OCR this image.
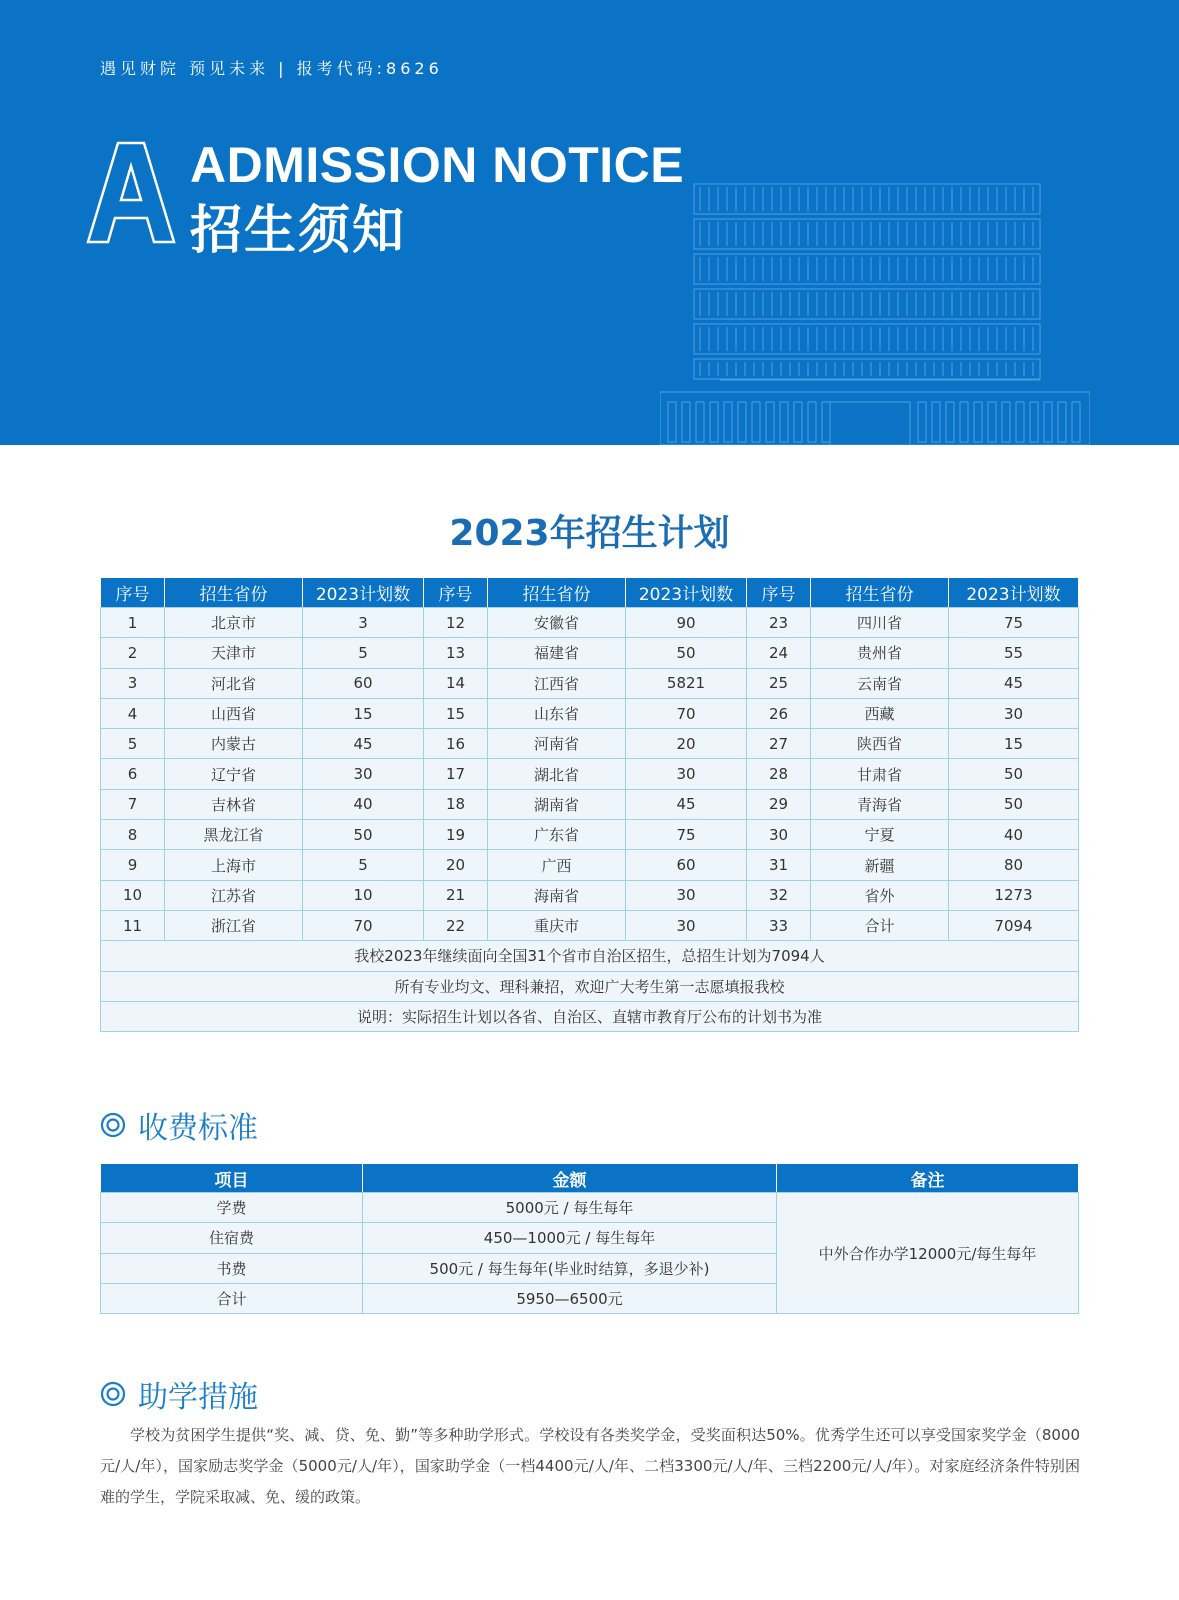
遇见财院 预见未来 | 报考代码:8626
ADMISSION NOTICE
招生须知
2023年招生计划
序号	招生省份	2023计划数	序号	招生省份	2023计划数	序号	招生省份	2023计划数
1	北京市	3	12	安徽省	90	23	四川省	75
2	天津市	5	13	福建省	50	24	贵州省	55
3	河北省	60	14	江西省	5821	25	云南省	45
4	山西省	15	15	山东省	70	26	西藏	30
5	内蒙古	45	16	河南省	20	27	陕西省	15
6	辽宁省	30	17	湖北省	30	28	甘肃省	50
7	吉林省	40	18	湖南省	45	29	青海省	50
8	黑龙江省	50	19	广东省	75	30	宁夏	40
9	上海市	5	20	广西	60	31	新疆	80
10	江苏省	10	21	海南省	30	32	省外	1273
11	浙江省	70	22	重庆市	30	33	合计	7094
我校2023年继续面向全国31个省市自治区招生，总招生计划为7094人								
所有专业均文、理科兼招，欢迎广大考生第一志愿填报我校								
说明：实际招生计划以各省、自治区、直辖市教育厅公布的计划书为准								
收费标准
项目	金额	备注
学费	5000元 / 每生每年	中外合作办学12000元/每生每年
住宿费	450—1000元 / 每生每年	
书费	500元 / 每生每年(毕业时结算，多退少补)	
合计	5950—6500元	
助学措施

学校为贫困学生提供“奖、减、贷、免、勤”等多种助学形式。学校设有各类奖学金，受奖面积达50%。优秀学生还可以享受国家奖学金（8000元/人/年），国家励志奖学金（5000元/人/年），国家助学金（一档4400元/人/年、二档3300元/人/年、三档2200元/人/年）。对家庭经济条件特别困难的学生，学院采取减、免、缓的政策。
